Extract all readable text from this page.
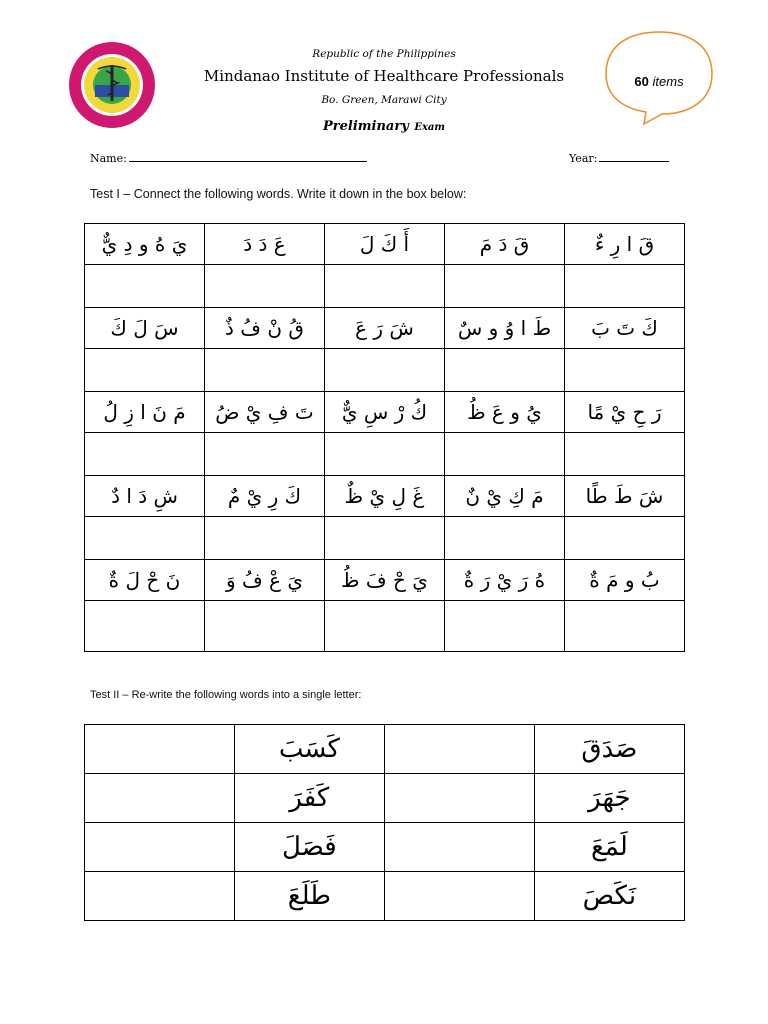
Republic of the Philippines
Mindanao Institute of Healthcare Professionals
Bo. Green, Marawi City
Preliminary Exam
60 items
Name:	Year:
Test I – Connect the following words. Write it down in the box below:
يَ هُ و دِ يٌّ	عَ دَ دَ	أَ كَ لَ	قَ دَ مَ	قَ ا رِ ءٌ

سَ لَ كَ	قُ نْ فُ ذٌ	شَ رَ عَ	طَ ا وُ و سٌ	كَ تَ بَ

مَ نَ ا زِ لُ	تَ فِ يْ ضُ	كُ رْ سِ يٌّ	يُ و عَ ظُ	رَ حِ يْ مًا

شِ دَ ا دٌ	كَ رِ يْ مٌ	غَ لِ يْ ظٌ	مَ كِ يْ نٌ	شَ طَ طًا

نَ حْ لَ ةٌ	يَ عْ فُ وَ	يَ حْ فَ ظُ	هُ رَ يْ رَ ةٌ	بُ و مَ ةٌ

Test II – Re-write the following words into a single letter:
	كَسَبَ		صَدَقَ
	كَفَرَ		جَهَرَ
	فَصَلَ		لَمَعَ
	طَلَعَ		نَكَصَ
